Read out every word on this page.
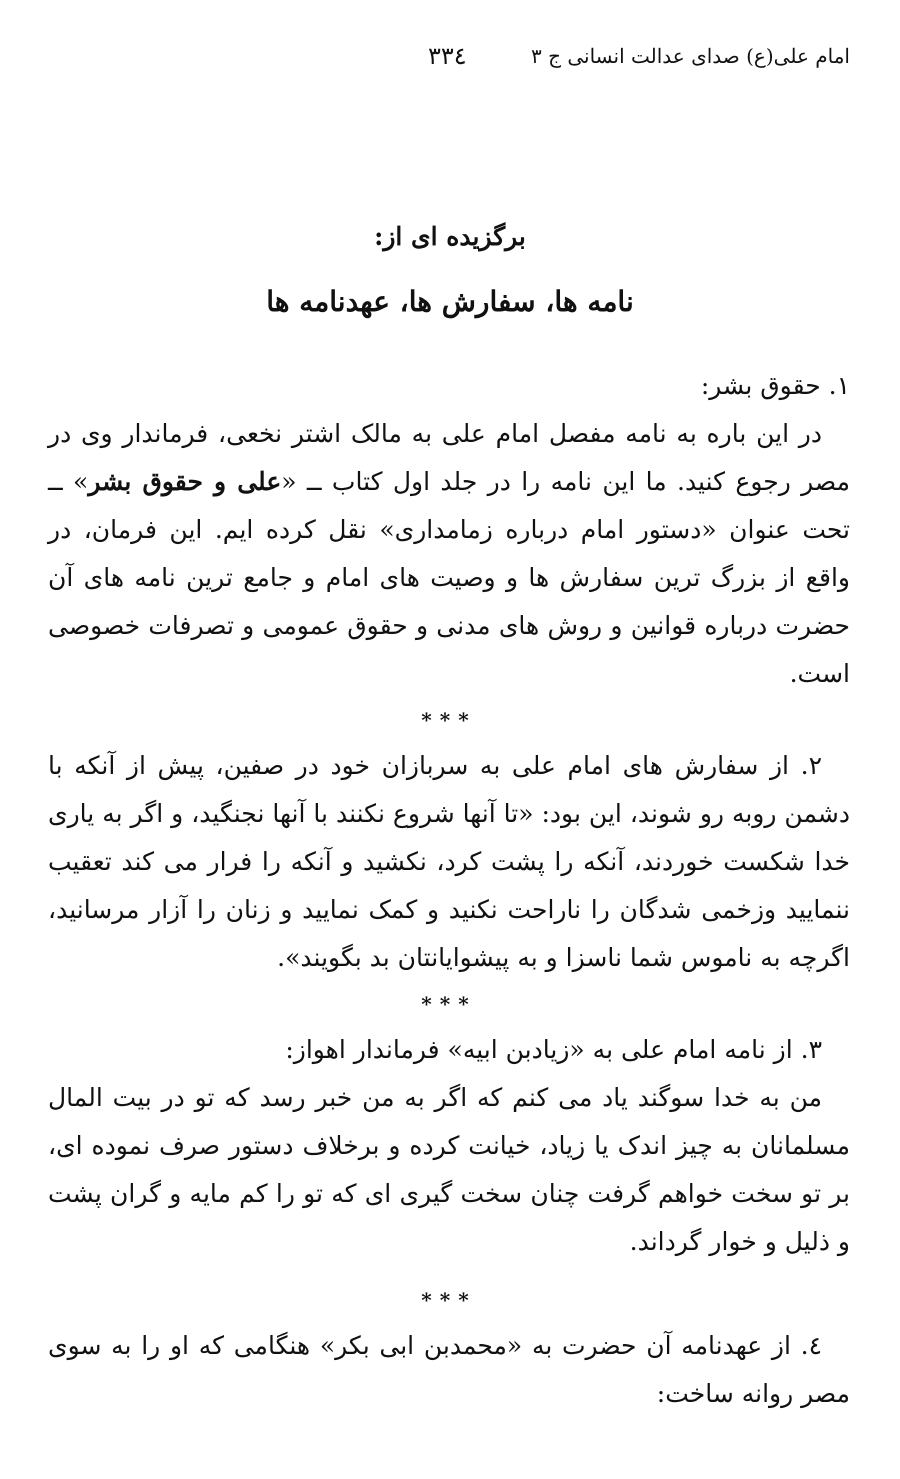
امام علی(ع) صدای عدالت انسانی ج ۳
۳۳٤
برگزیده ای از:
نامه ها، سفارش ها، عهدنامه ها

۱. حقوق بشر:

در این باره به نامه مفصل امام علی به مالک اشتر نخعی، فرماندار وی در مصر رجوع کنید. ما این نامه را در جلد اول کتاب ــ «علی و حقوق بشر» ــ تحت عنوان «دستور امام درباره زمامداری» نقل کرده ایم. این فرمان، در واقع از بزرگ ترین سفارش ها و وصیت های امام و جامع ترین نامه های آن حضرت درباره قوانین و روش های مدنی و حقوق عمومی و تصرفات خصوصی است.

***

۲. از سفارش های امام علی به سربازان خود در صفین، پیش از آنکه با دشمن روبه رو شوند، این بود: «تا آنها شروع نکنند با آنها نجنگید، و اگر به یاری خدا شکست خوردند، آنکه را پشت کرد، نکشید و آنکه را فرار می کند تعقیب ننمایید وزخمی شدگان را ناراحت نکنید و کمک نمایید و زنان را آزار مرسانید، اگرچه به ناموس شما ناسزا و به پیشوایانتان بد بگویند».

***

۳. از نامه امام علی به «زیادبن ابیه» فرماندار اهواز:

من به خدا سوگند یاد می کنم که اگر به من خبر رسد که تو در بیت المال مسلمانان به چیز اندک یا زیاد، خیانت کرده و برخلاف دستور صرف نموده ای، بر تو سخت خواهم گرفت چنان سخت گیری ای که تو را کم مایه و گران پشت و ذلیل و خوار گرداند.

***

٤. از عهدنامه آن حضرت به «محمدبن ابی بکر» هنگامی که او را به سوی مصر روانه ساخت:
